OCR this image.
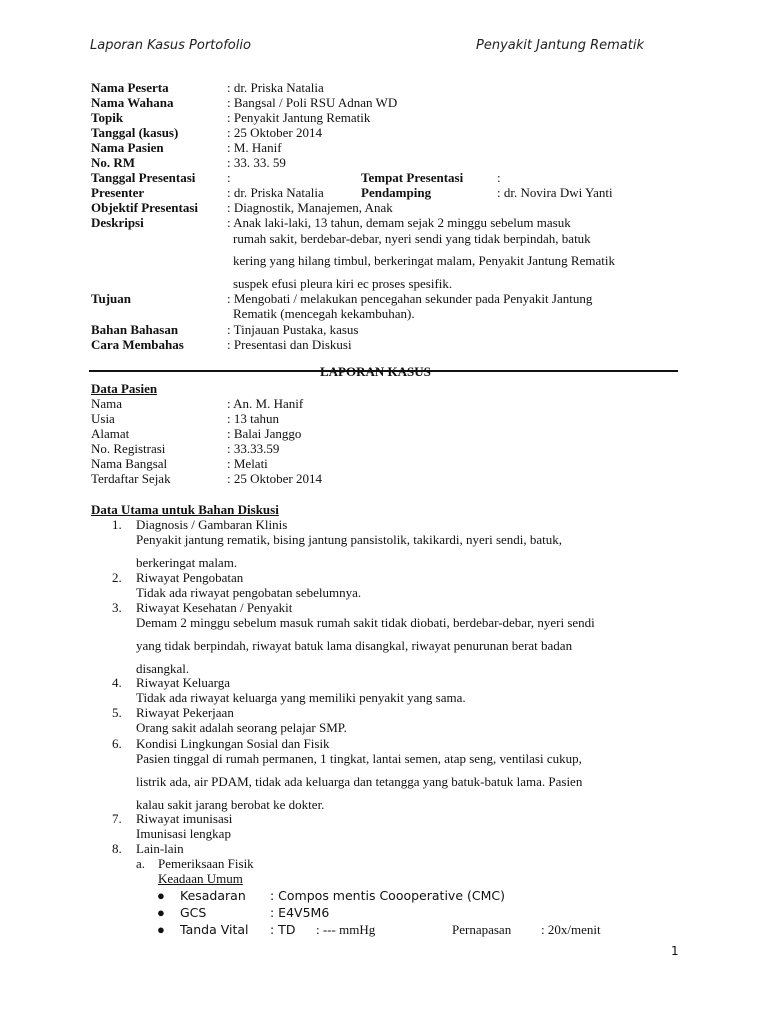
Laporan Kasus Portofolio	Penyakit Jantung Rematik
Nama Peserta	: dr. Priska Natalia
Nama Wahana	: Bangsal / Poli RSU Adnan WD
Topik	: Penyakit Jantung Rematik
Tanggal (kasus)	: 25 Oktober 2014
Nama Pasien	: M. Hanif
No. RM	: 33. 33. 59
Tanggal Presentasi :	Tempat Presentasi	:
Presenter	: dr. Priska Natalia	Pendamping	: dr. Novira Dwi Yanti
Objektif Presentasi : Diagnostik, Manajemen, Anak
Deskripsi	: Anak laki-laki, 13 tahun, demam sejak 2 minggu sebelum masuk
rumah sakit, berdebar-debar, nyeri sendi yang tidak berpindah, batuk
kering yang hilang timbul, berkeringat malam, Penyakit Jantung Rematik
suspek efusi pleura kiri ec proses spesifik.
Tujuan	: Mengobati / melakukan pencegahan sekunder pada Penyakit Jantung
Rematik (mencegah kekambuhan).
Bahan Bahasan	: Tinjauan Pustaka, kasus
Cara Membahas	: Presentasi dan Diskusi
LAPORAN KASUS
Data Pasien
Nama	: An. M. Hanif
Usia	: 13 tahun
Alamat	: Balai Janggo
No. Registrasi	: 33.33.59
Nama Bangsal	: Melati
Terdaftar Sejak	: 25 Oktober 2014
Data Utama untuk Bahan Diskusi
1. Diagnosis / Gambaran Klinis
Penyakit jantung rematik, bising jantung pansistolik, takikardi, nyeri sendi, batuk,
berkeringat malam.
2. Riwayat Pengobatan
Tidak ada riwayat pengobatan sebelumnya.
3. Riwayat Kesehatan / Penyakit
Demam 2 minggu sebelum masuk rumah sakit tidak diobati, berdebar-debar, nyeri sendi
yang tidak berpindah, riwayat batuk lama disangkal, riwayat penurunan berat badan
disangkal.
4. Riwayat Keluarga
Tidak ada riwayat keluarga yang memiliki penyakit yang sama.
5. Riwayat Pekerjaan
Orang sakit adalah seorang pelajar SMP.
6. Kondisi Lingkungan Sosial dan Fisik
Pasien tinggal di rumah permanen, 1 tingkat, lantai semen, atap seng, ventilasi cukup,
listrik ada, air PDAM, tidak ada keluarga dan tetangga yang batuk-batuk lama. Pasien
kalau sakit jarang berobat ke dokter.
7. Riwayat imunisasi
Imunisasi lengkap
8. Lain-lain
a. Pemeriksaan Fisik
Keadaan Umum
● Kesadaran : Compos mentis Coooperative (CMC)
● GCS	: E4V5M6
● Tanda Vital : TD : --- mmHg	Pernapasan : 20x/menit
1
